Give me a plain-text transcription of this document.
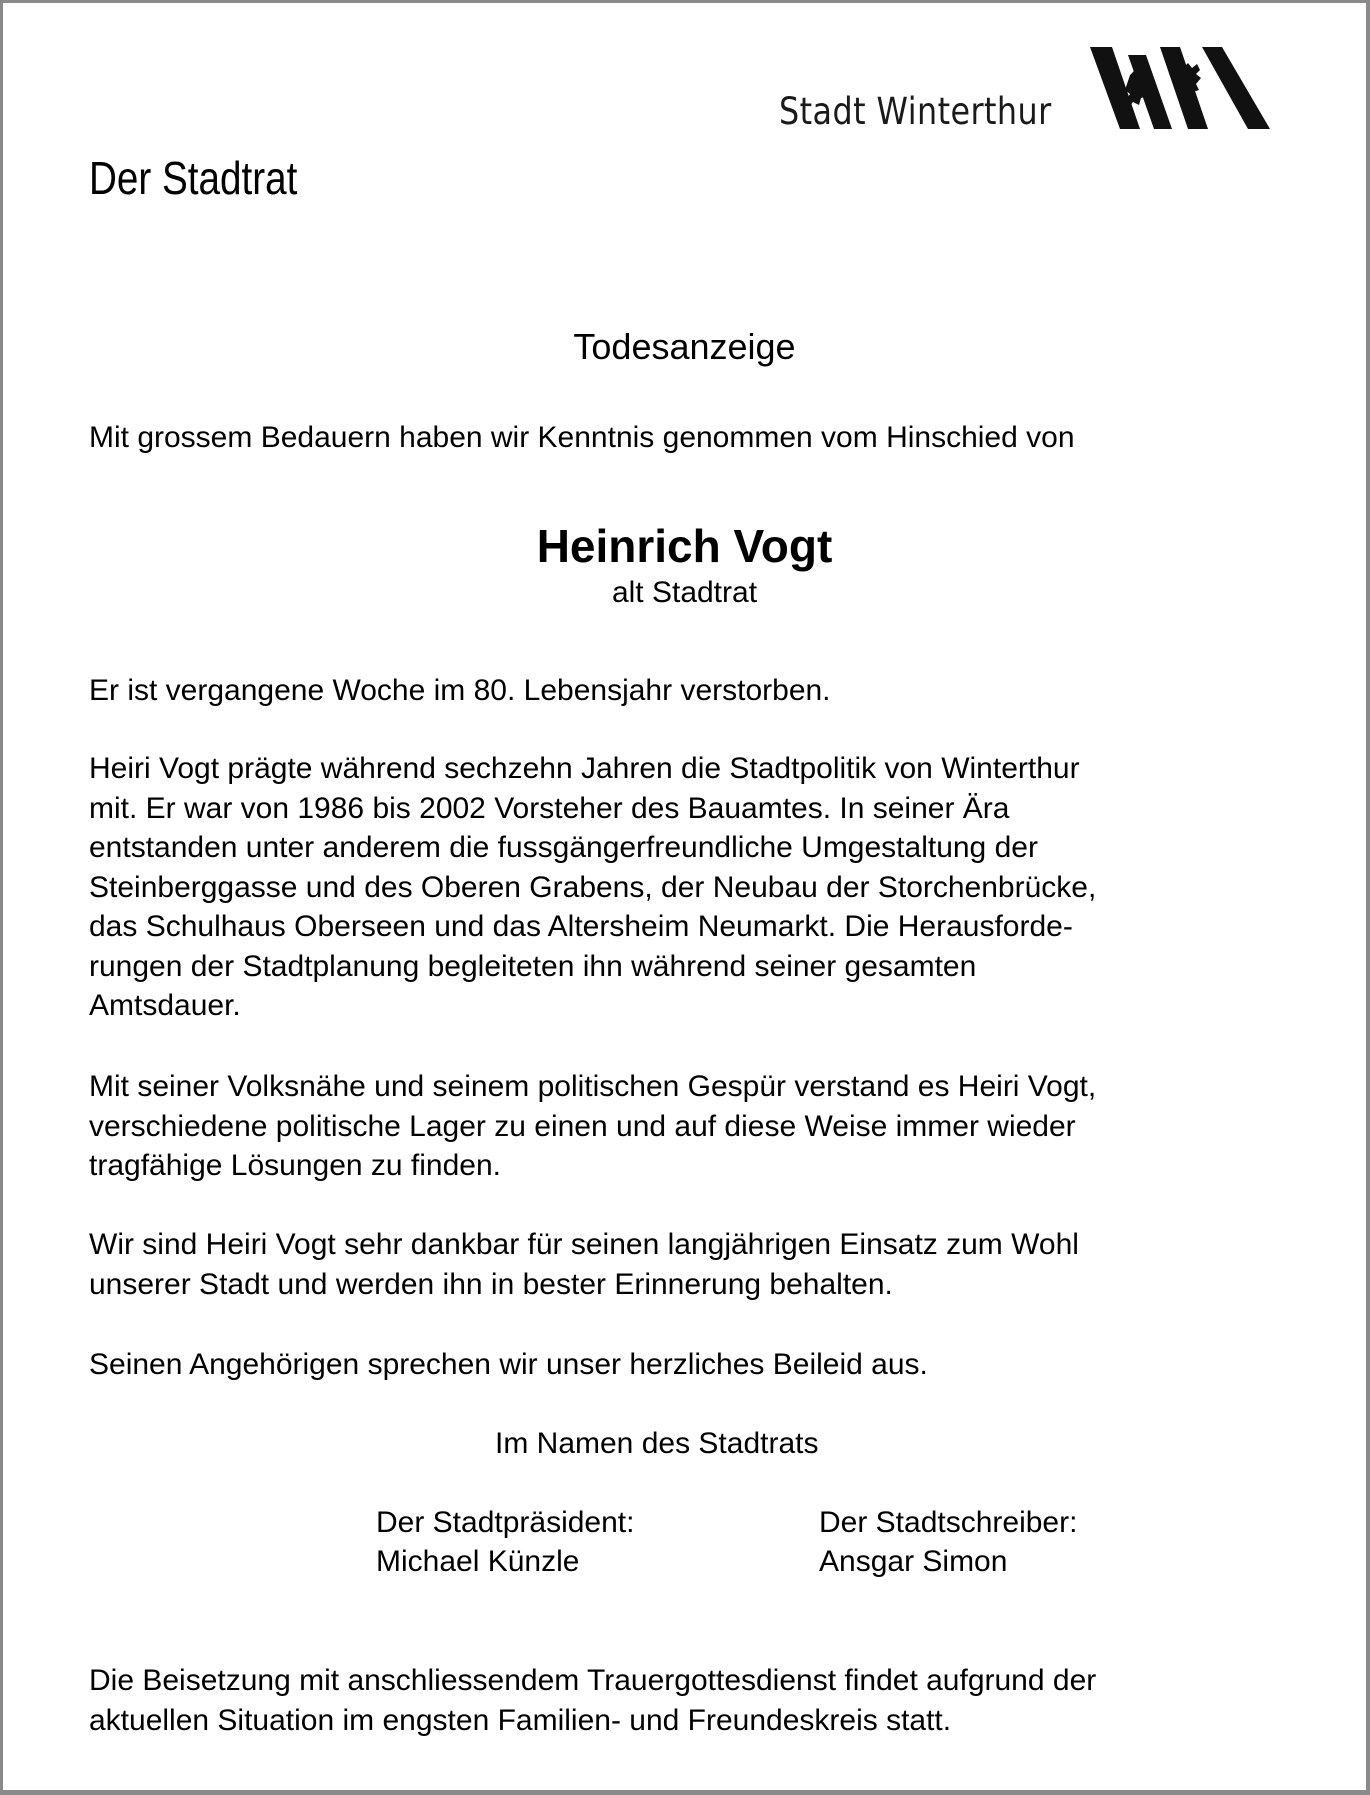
Stadt Winterthur
Der Stadtrat
Todesanzeige
Mit grossem Bedauern haben wir Kenntnis genommen vom Hinschied von
Heinrich Vogt
alt Stadtrat
Er ist vergangene Woche im 80. Lebensjahr verstorben.
Heiri Vogt prägte während sechzehn Jahren die Stadtpolitik von Winterthur
mit. Er war von 1986 bis 2002 Vorsteher des Bauamtes. In seiner Ära
entstanden unter anderem die fussgängerfreundliche Umgestaltung der
Steinberggasse und des Oberen Grabens, der Neubau der Storchenbrücke,
das Schulhaus Oberseen und das Altersheim Neumarkt. Die Herausforde-
rungen der Stadtplanung begleiteten ihn während seiner gesamten
Amtsdauer.
Mit seiner Volksnähe und seinem politischen Gespür verstand es Heiri Vogt,
verschiedene politische Lager zu einen und auf diese Weise immer wieder
tragfähige Lösungen zu finden.
Wir sind Heiri Vogt sehr dankbar für seinen langjährigen Einsatz zum Wohl
unserer Stadt und werden ihn in bester Erinnerung behalten.
Seinen Angehörigen sprechen wir unser herzliches Beileid aus.
Im Namen des Stadtrats
Der Stadtpräsident:
Michael Künzle
Der Stadtschreiber:
Ansgar Simon
Die Beisetzung mit anschliessendem Trauergottesdienst findet aufgrund der
aktuellen Situation im engsten Familien- und Freundeskreis statt.
